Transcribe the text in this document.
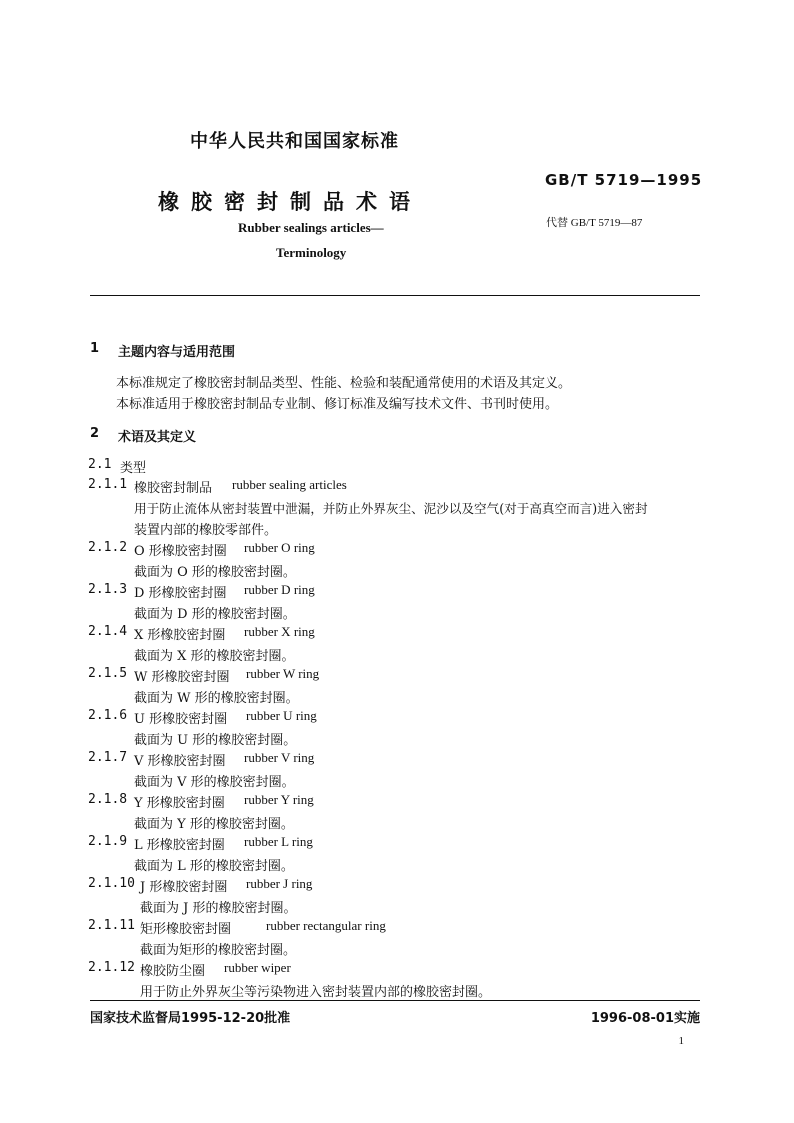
中华人民共和国国家标准
GB/T 5719—1995
橡胶密封制品术语
代替 GB/T 5719—87
Rubber sealings articles—
Terminology
1 主题内容与适用范围
本标准规定了橡胶密封制品类型、性能、检验和装配通常使用的术语及其定义。
本标准适用于橡胶密封制品专业制、修订标准及编写技术文件、书刊时使用。
2 术语及其定义
2.1 类型
2.1.1 橡胶密封制品 rubber sealing articles
用于防止流体从密封装置中泄漏，并防止外界灰尘、泥沙以及空气(对于高真空而言)进入密封
装置内部的橡胶零部件。
2.1.2 O 形橡胶密封圈 rubber O ring
截面为 O 形的橡胶密封圈。
2.1.3 D 形橡胶密封圈 rubber D ring
截面为 D 形的橡胶密封圈。
2.1.4 X 形橡胶密封圈 rubber X ring
截面为 X 形的橡胶密封圈。
2.1.5 W 形橡胶密封圈 rubber W ring
截面为 W 形的橡胶密封圈。
2.1.6 U 形橡胶密封圈 rubber U ring
截面为 U 形的橡胶密封圈。
2.1.7 V 形橡胶密封圈 rubber V ring
截面为 V 形的橡胶密封圈。
2.1.8 Y 形橡胶密封圈 rubber Y ring
截面为 Y 形的橡胶密封圈。
2.1.9 L 形橡胶密封圈 rubber L ring
截面为 L 形的橡胶密封圈。
2.1.10 J 形橡胶密封圈 rubber J ring
截面为 J 形的橡胶密封圈。
2.1.11 矩形橡胶密封圈	rubber rectangular ring
截面为矩形的橡胶密封圈。
2.1.12 橡胶防尘圈 rubber wiper
用于防止外界灰尘等污染物进入密封装置内部的橡胶密封圈。
国家技术监督局1995-12-20批准	1996-08-01实施
1
